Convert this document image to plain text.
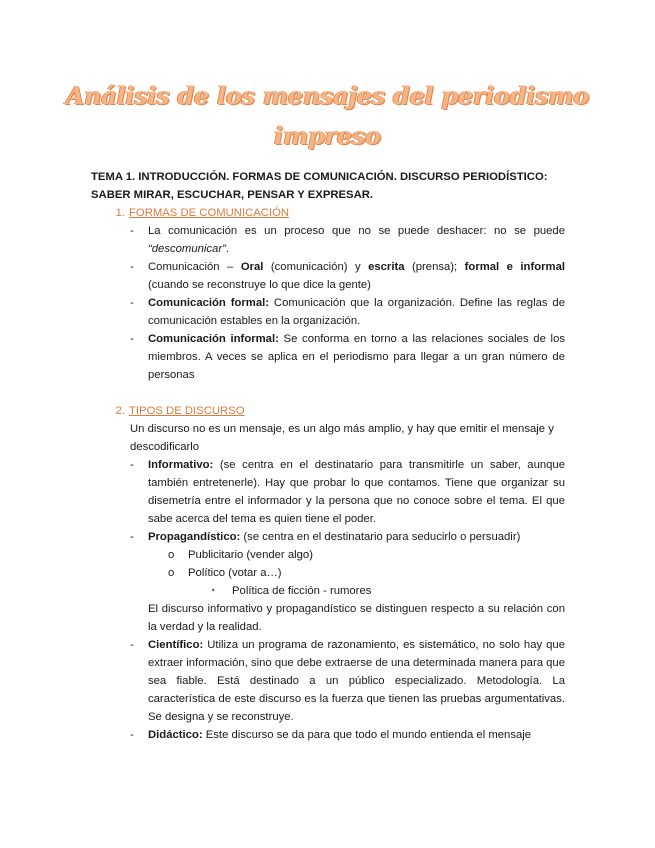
Análisis de los mensajes del periodismo
impreso

TEMA 1. INTRODUCCIÓN. FORMAS DE COMUNICACIÓN. DISCURSO PERIODÍSTICO: SABER MIRAR, ESCUCHAR, PENSAR Y EXPRESAR.

1. FORMAS DE COMUNICACIÓN
-	La comunicación es un proceso que no se puede deshacer: no se puede “descomunicar”.
-	Comunicación – Oral (comunicación) y escrita (prensa); formal e informal (cuando se reconstruye lo que dice la gente)
-	Comunicación formal: Comunicación que la organización. Define las reglas de comunicación estables en la organización.
-	Comunicación informal: Se conforma en torno a las relaciones sociales de los miembros. A veces se aplica en el periodismo para llegar a un gran número de personas
2. TIPOS DE DISCURSO
Un discurso no es un mensaje, es un algo más amplio, y hay que emitir el mensaje y descodificarlo
-	Informativo: (se centra en el destinatario para transmitirle un saber, aunque también entretenerle). Hay que probar lo que contamos. Tiene que organizar su disemetría entre el informador y la persona que no conoce sobre el tema. El que sabe acerca del tema es quien tiene el poder.
-	Propagandístico: (se centra en el destinatario para seducirlo o persuadir)
o	Publicitario (vender algo)
o	Político (votar a…)
▪	Política de ficción - rumores
El discurso informativo y propagandístico se distinguen respecto a su relación con la verdad y la realidad.
-	Científico: Utiliza un programa de razonamiento, es sistemático, no solo hay que extraer información, sino que debe extraerse de una determinada manera para que sea fiable. Está destinado a un público especializado. Metodología. La característica de este discurso es la fuerza que tienen las pruebas argumentativas. Se designa y se reconstruye.
-	Didáctico: Este discurso se da para que todo el mundo entienda el mensaje
